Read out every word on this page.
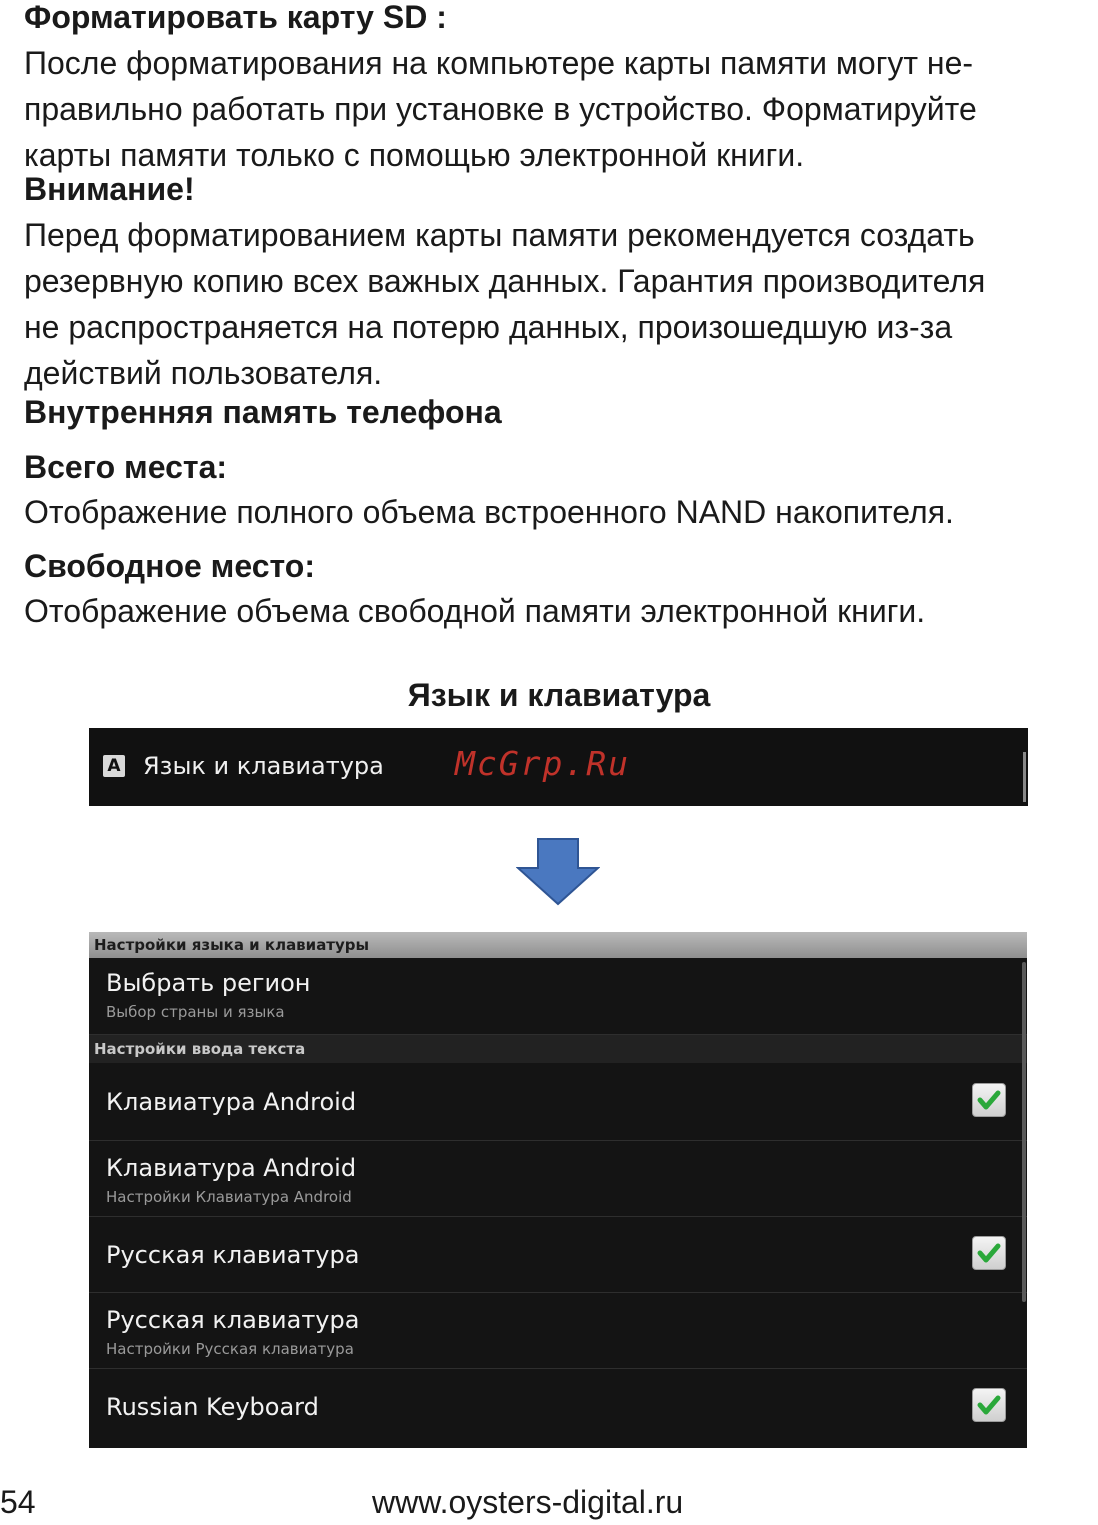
Форматировать карту SD :
После форматирования на компьютере карты памяти могут не-
правильно работать при установке в устройство. Форматируйте
карты памяти только с помощью электронной книги.
Внимание!
Перед форматированием карты памяти рекомендуется создать
резервную копию всех важных данных. Гарантия производителя
не распространяется на потерю данных, произошедшую из-за
действий пользователя.
Внутренняя память телефона
Всего места:
Отображение полного объема встроенного NAND накопителя.
Свободное место:
Отображение объема свободной памяти электронной книги.
Язык и клавиатура
A Язык и клавиатура McGrp.Ru
Настройки языка и клавиатуры
Выбрать регион
Выбор страны и языка
Настройки ввода текста
Клавиатура Android
Клавиатура Android
Настройки Клавиатура Android
Русская клавиатура
Русская клавиатура
Настройки Русская клавиатура
Russian Keyboard
54	www.oysters-digital.ru
